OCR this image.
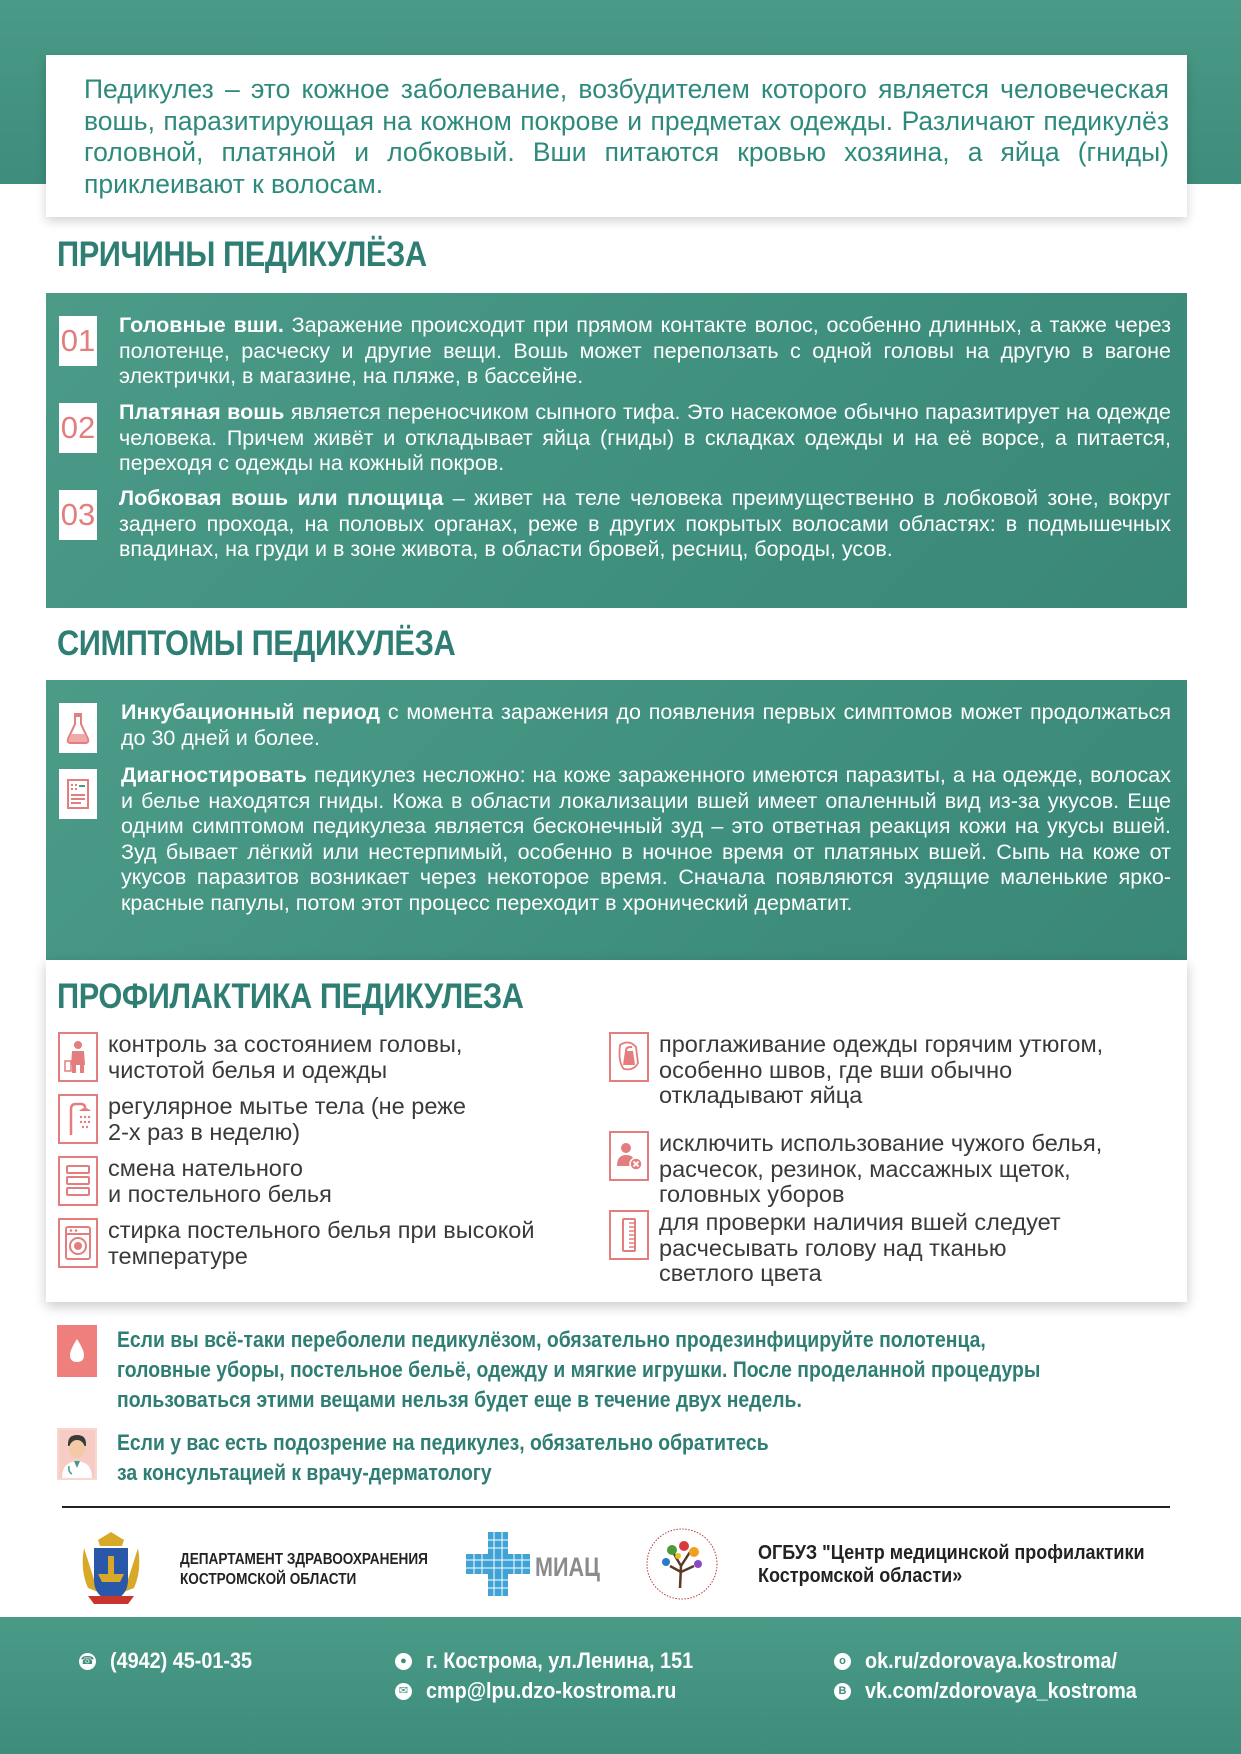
Педикулез – это кожное заболевание, возбудителем которого является человеческая вошь, паразитирующая на кожном покрове и предметах одежды. Различают педикулёз головной, платяной и лобковый. Вши питаются кровью хозяина, а яйца (гниды) приклеивают к волосам.

ПРИЧИНЫ ПЕДИКУЛЁЗА
01 Головные вши. Заражение происходит при прямом контакте волос, особенно длинных, а также через полотенце, расческу и другие вещи. Вошь может переползать с одной головы на другую в вагоне электрички, в магазине, на пляже, в бассейне.
02 Платяная вошь является переносчиком сыпного тифа. Это насекомое обычно паразитирует на одежде человека. Причем живёт и откладывает яйца (гниды) в складках одежды и на её ворсе, а питается, переходя с одежды на кожный покров.
03 Лобковая вошь или площица – живет на теле человека преимущественно в лобковой зоне, вокруг заднего прохода, на половых органах, реже в других покрытых волосами областях: в подмышечных впадинах, на груди и в зоне живота, в области бровей, ресниц, бороды, усов.
СИМПТОМЫ ПЕДИКУЛЁЗА
Инкубационный период с момента заражения до появления первых симптомов может продолжаться до 30 дней и более.
Диагностировать педикулез несложно: на коже зараженного имеются паразиты, а на одежде, волосах и белье находятся гниды. Кожа в области локализации вшей имеет опаленный вид из-за укусов. Еще одним симптомом педикулеза является бесконечный зуд – это ответная реакция кожи на укусы вшей. Зуд бывает лёгкий или нестерпимый, особенно в ночное время от платяных вшей. Сыпь на коже от укусов паразитов возникает через некоторое время. Сначала появляются зудящие маленькие ярко-красные папулы, потом этот процесс переходит в хронический дерматит.
ПРОФИЛАКТИКА ПЕДИКУЛЕЗА
контроль за состоянием головы,
чистотой белья и одежды
регулярное мытье тела (не реже
2-х раз в неделю)
смена нательного
и постельного белья
стирка постельного белья при высокой
температуре
проглаживание одежды горячим утюгом,
особенно швов, где вши обычно
откладывают яйца
исключить использование чужого белья,
расчесок, резинок, массажных щеток,
головных уборов
для проверки наличия вшей следует
расчесывать голову над тканью
светлого цвета
Если вы всё-таки переболели педикулёзом, обязательно продезинфицируйте полотенца,
головные уборы, постельное бельё, одежду и мягкие игрушки. После проделанной процедуры
пользоваться этими вещами нельзя будет еще в течение двух недель.
Если у вас есть подозрение на педикулез, обязательно обратитесь
за консультацией к врачу-дерматологу
ДЕПАРТАМЕНТ ЗДРАВООХРАНЕНИЯ
КОСТРОМСКОЙ ОБЛАСТИ	МИАЦ	ОГБУЗ "Центр медицинской профилактики
Костромской области»
☎ (4942) 45-01-35	● г. Кострома, ул.Ленина, 151
✉ cmp@lpu.dzo-kostroma.ru
o ok.ru/zdorovaya.kostroma/
B vk.com/zdorovaya_kostroma
